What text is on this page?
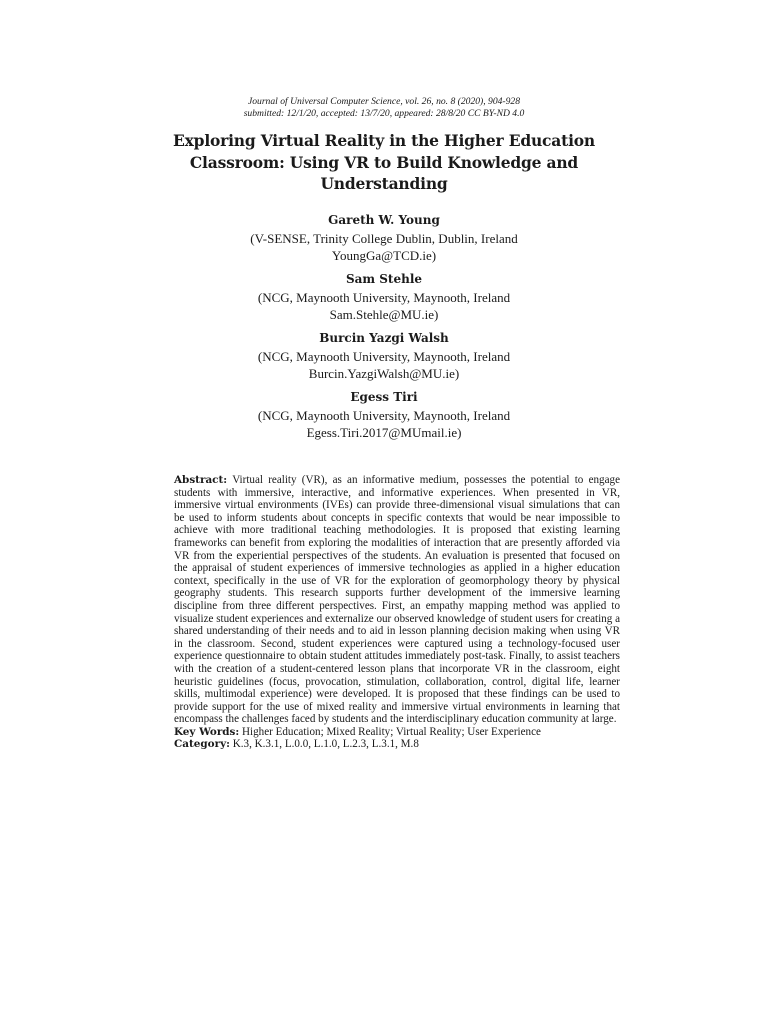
Journal of Universal Computer Science, vol. 26, no. 8 (2020), 904-928
submitted: 12/1/20, accepted: 13/7/20, appeared: 28/8/20 CC BY-ND 4.0
Exploring Virtual Reality in the Higher Education Classroom: Using VR to Build Knowledge and Understanding
Gareth W. Young
(V-SENSE, Trinity College Dublin, Dublin, Ireland
YoungGa@TCD.ie)
Sam Stehle
(NCG, Maynooth University, Maynooth, Ireland
Sam.Stehle@MU.ie)
Burcin Yazgi Walsh
(NCG, Maynooth University, Maynooth, Ireland
Burcin.YazgiWalsh@MU.ie)
Egess Tiri
(NCG, Maynooth University, Maynooth, Ireland
Egess.Tiri.2017@MUmail.ie)

Abstract: Virtual reality (VR), as an informative medium, possesses the potential to engage students with immersive, interactive, and informative experiences. When presented in VR, immersive virtual environments (IVEs) can provide three-dimensional visual simulations that can be used to inform students about concepts in specific contexts that would be near impossible to achieve with more traditional teaching methodologies. It is proposed that existing learning frameworks can benefit from exploring the modalities of interaction that are presently afforded via VR from the experiential perspectives of the students. An evaluation is presented that focused on the appraisal of student experiences of immersive technologies as applied in a higher education context, specifically in the use of VR for the exploration of geomorphology theory by physical geography students. This research supports further development of the immersive learning discipline from three different perspectives. First, an empathy mapping method was applied to visualize student experiences and externalize our observed knowledge of student users for creating a shared understanding of their needs and to aid in lesson planning decision making when using VR in the classroom. Second, student experiences were captured using a technology-focused user experience questionnaire to obtain student attitudes immediately post-task. Finally, to assist teachers with the creation of a student-centered lesson plans that incorporate VR in the classroom, eight heuristic guidelines (focus, provocation, stimulation, collaboration, control, digital life, learner skills, multimodal experience) were developed. It is proposed that these findings can be used to provide support for the use of mixed reality and immersive virtual environments in learning that encompass the challenges faced by students and the interdisciplinary education community at large.

Key Words: Higher Education; Mixed Reality; Virtual Reality; User Experience

Category: K.3, K.3.1, L.0.0, L.1.0, L.2.3, L.3.1, M.8
